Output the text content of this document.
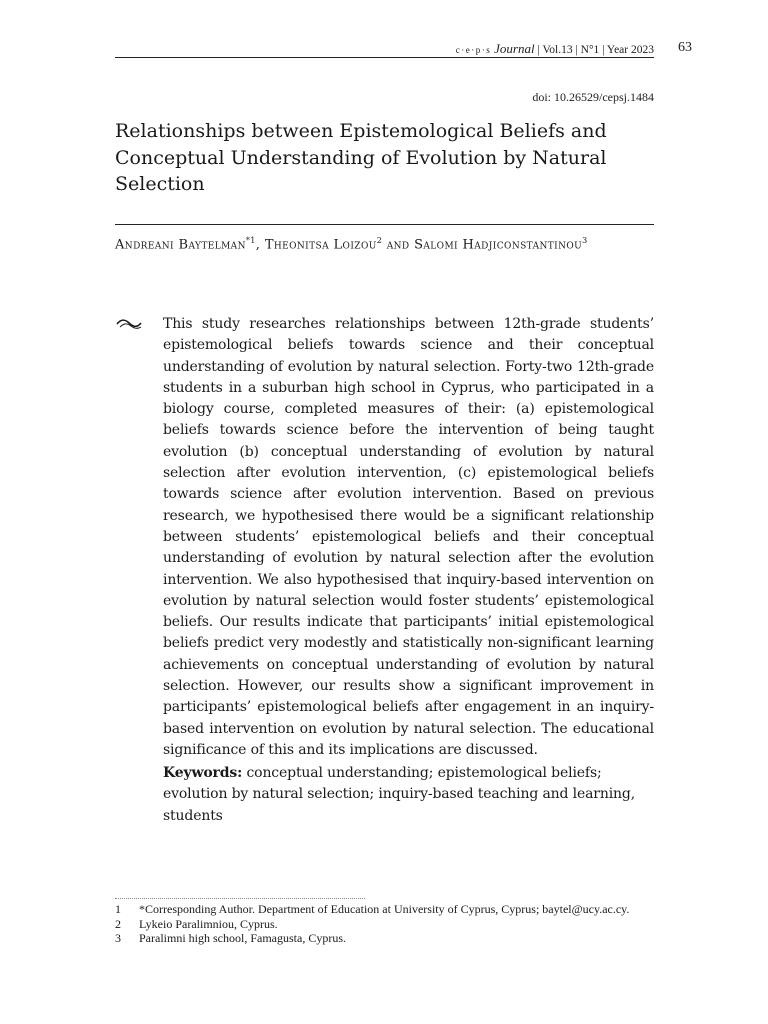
c·e·p·s Journal | Vol.13 | N°1 | Year 2023 63
doi: 10.26529/cepsj.1484
Relationships between Epistemological Beliefs and Conceptual Understanding of Evolution by Natural Selection
Andreani Baytelman$^{*1}$, Theonitsa Loizou$^2$ and Salomi Hadjiconstantinou$^3$

This study researches relationships between 12th-grade students’ epistemological beliefs towards science and their conceptual understanding of evolution by natural selection. Forty-two 12th-grade students in a suburban high school in Cyprus, who participated in a biology course, completed measures of their: (a) epistemological beliefs towards science before the intervention of being taught evolution (b) conceptual understanding of evolution by natural selection after evolution intervention, (c) epistemological beliefs towards science after evolution intervention. Based on previous research, we hypothesised there would be a significant relationship between students’ epistemological beliefs and their conceptual understanding of evolution by natural selection after the evolution intervention. We also hypothesised that inquiry-based intervention on evolution by natural selection would foster students’ epistemological beliefs. Our results indicate that participants’ initial epistemological beliefs predict very modestly and statistically non-significant learning achievements on conceptual understanding of evolution by natural selection. However, our results show a significant improvement in participants’ epistemological beliefs after engagement in an inquiry-based intervention on evolution by natural selection. The educational significance of this and its implications are discussed.

Keywords: conceptual understanding; epistemological beliefs; evolution by natural selection; inquiry-based teaching and learning, students

1	*Corresponding Author. Department of Education at University of Cyprus, Cyprus; baytel@ucy.ac.cy.
2	Lykeio Paralimniou, Cyprus.
3	Paralimni high school, Famagusta, Cyprus.
